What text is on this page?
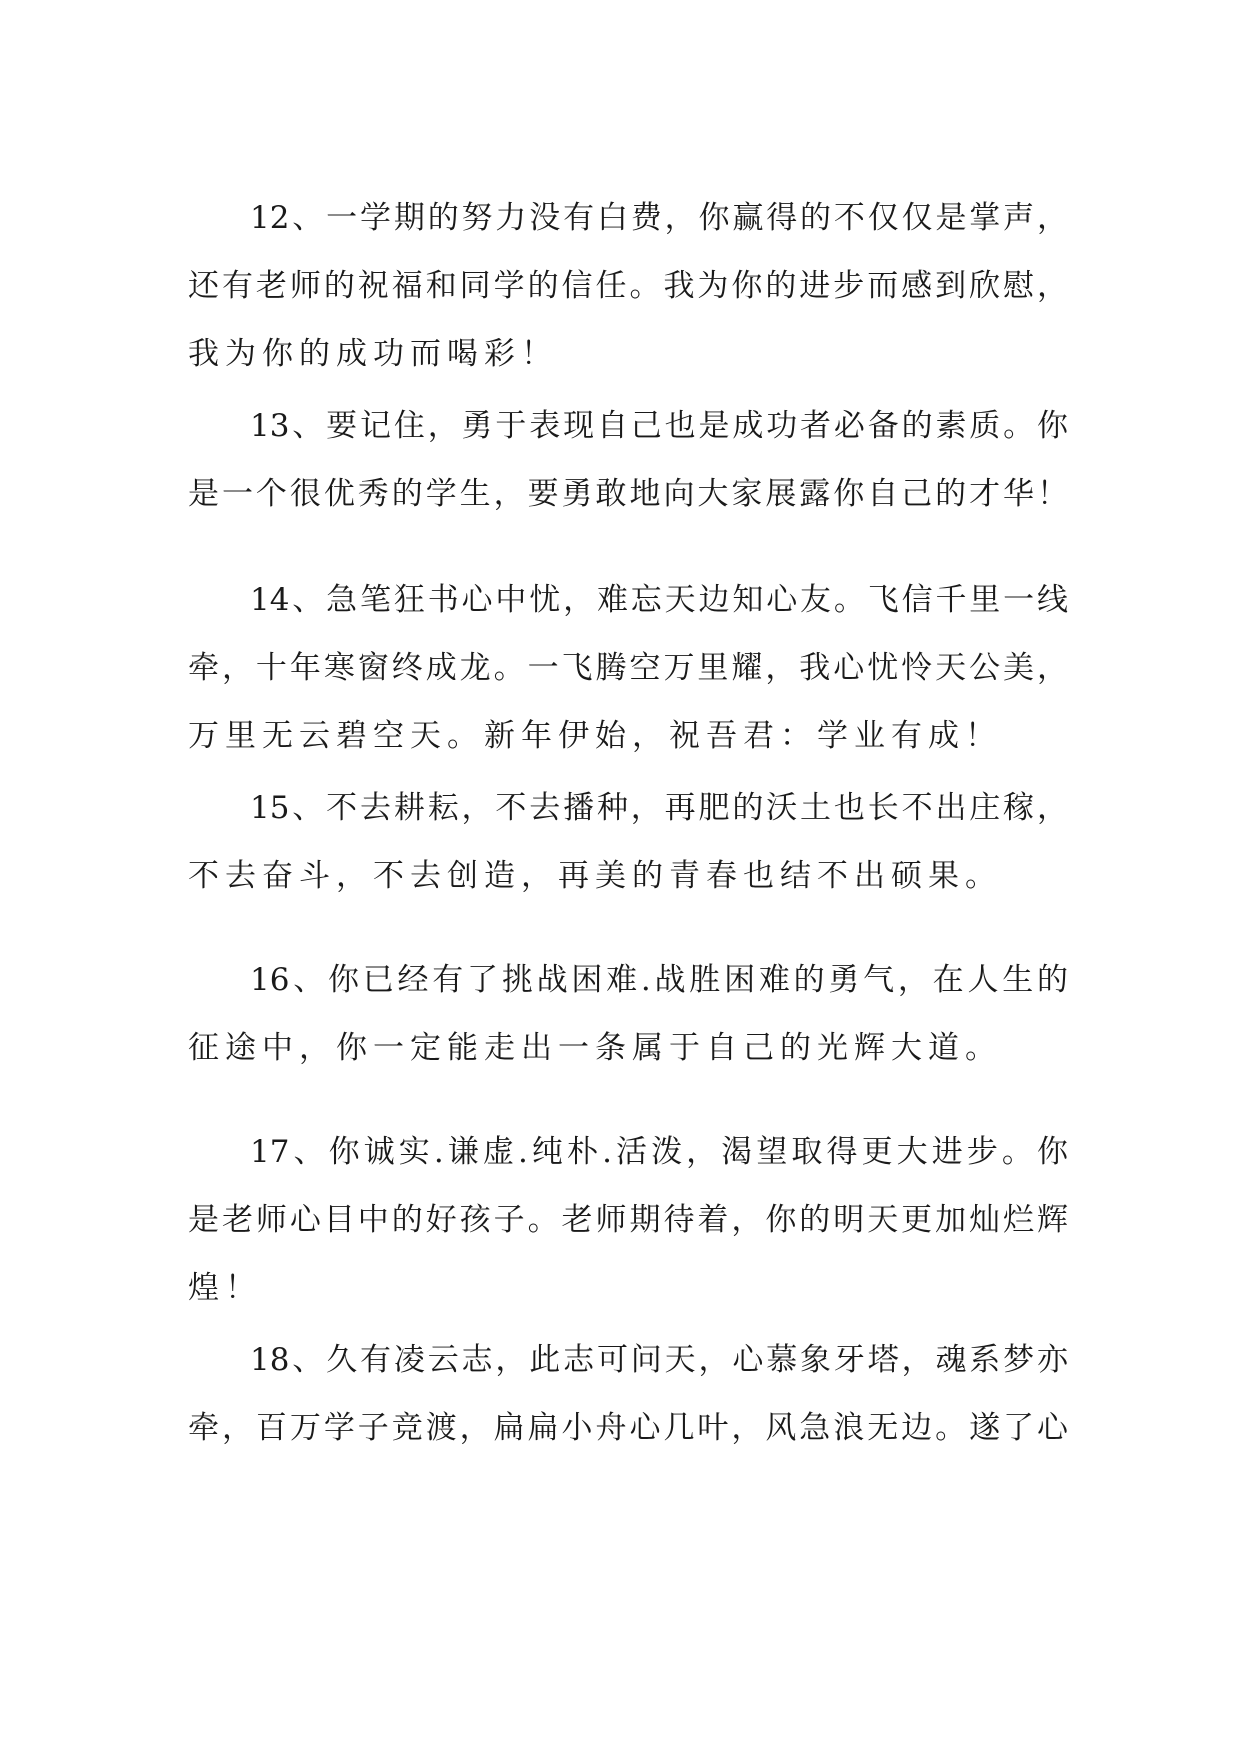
12、一学期的努力没有白费，你赢得的不仅仅是掌声，
还有老师的祝福和同学的信任。我为你的进步而感到欣慰，
我为你的成功而喝彩！
13、要记住，勇于表现自己也是成功者必备的素质。你
是一个很优秀的学生，要勇敢地向大家展露你自己的才华！
14、急笔狂书心中忧，难忘天边知心友。飞信千里一线
牵，十年寒窗终成龙。一飞腾空万里耀，我心忧怜天公美，
万里无云碧空天。新年伊始，祝吾君：学业有成！
15、不去耕耘，不去播种，再肥的沃土也长不出庄稼，
不去奋斗，不去创造，再美的青春也结不出硕果。
16、你已经有了挑战困难.战胜困难的勇气，在人生的
征途中，你一定能走出一条属于自己的光辉大道。
17、你诚实.谦虚.纯朴.活泼，渴望取得更大进步。你
是老师心目中的好孩子。老师期待着，你的明天更加灿烂辉
煌！
18、久有凌云志，此志可问天，心慕象牙塔，魂系梦亦
牵，百万学子竞渡，扁扁小舟心几叶，风急浪无边。遂了心
